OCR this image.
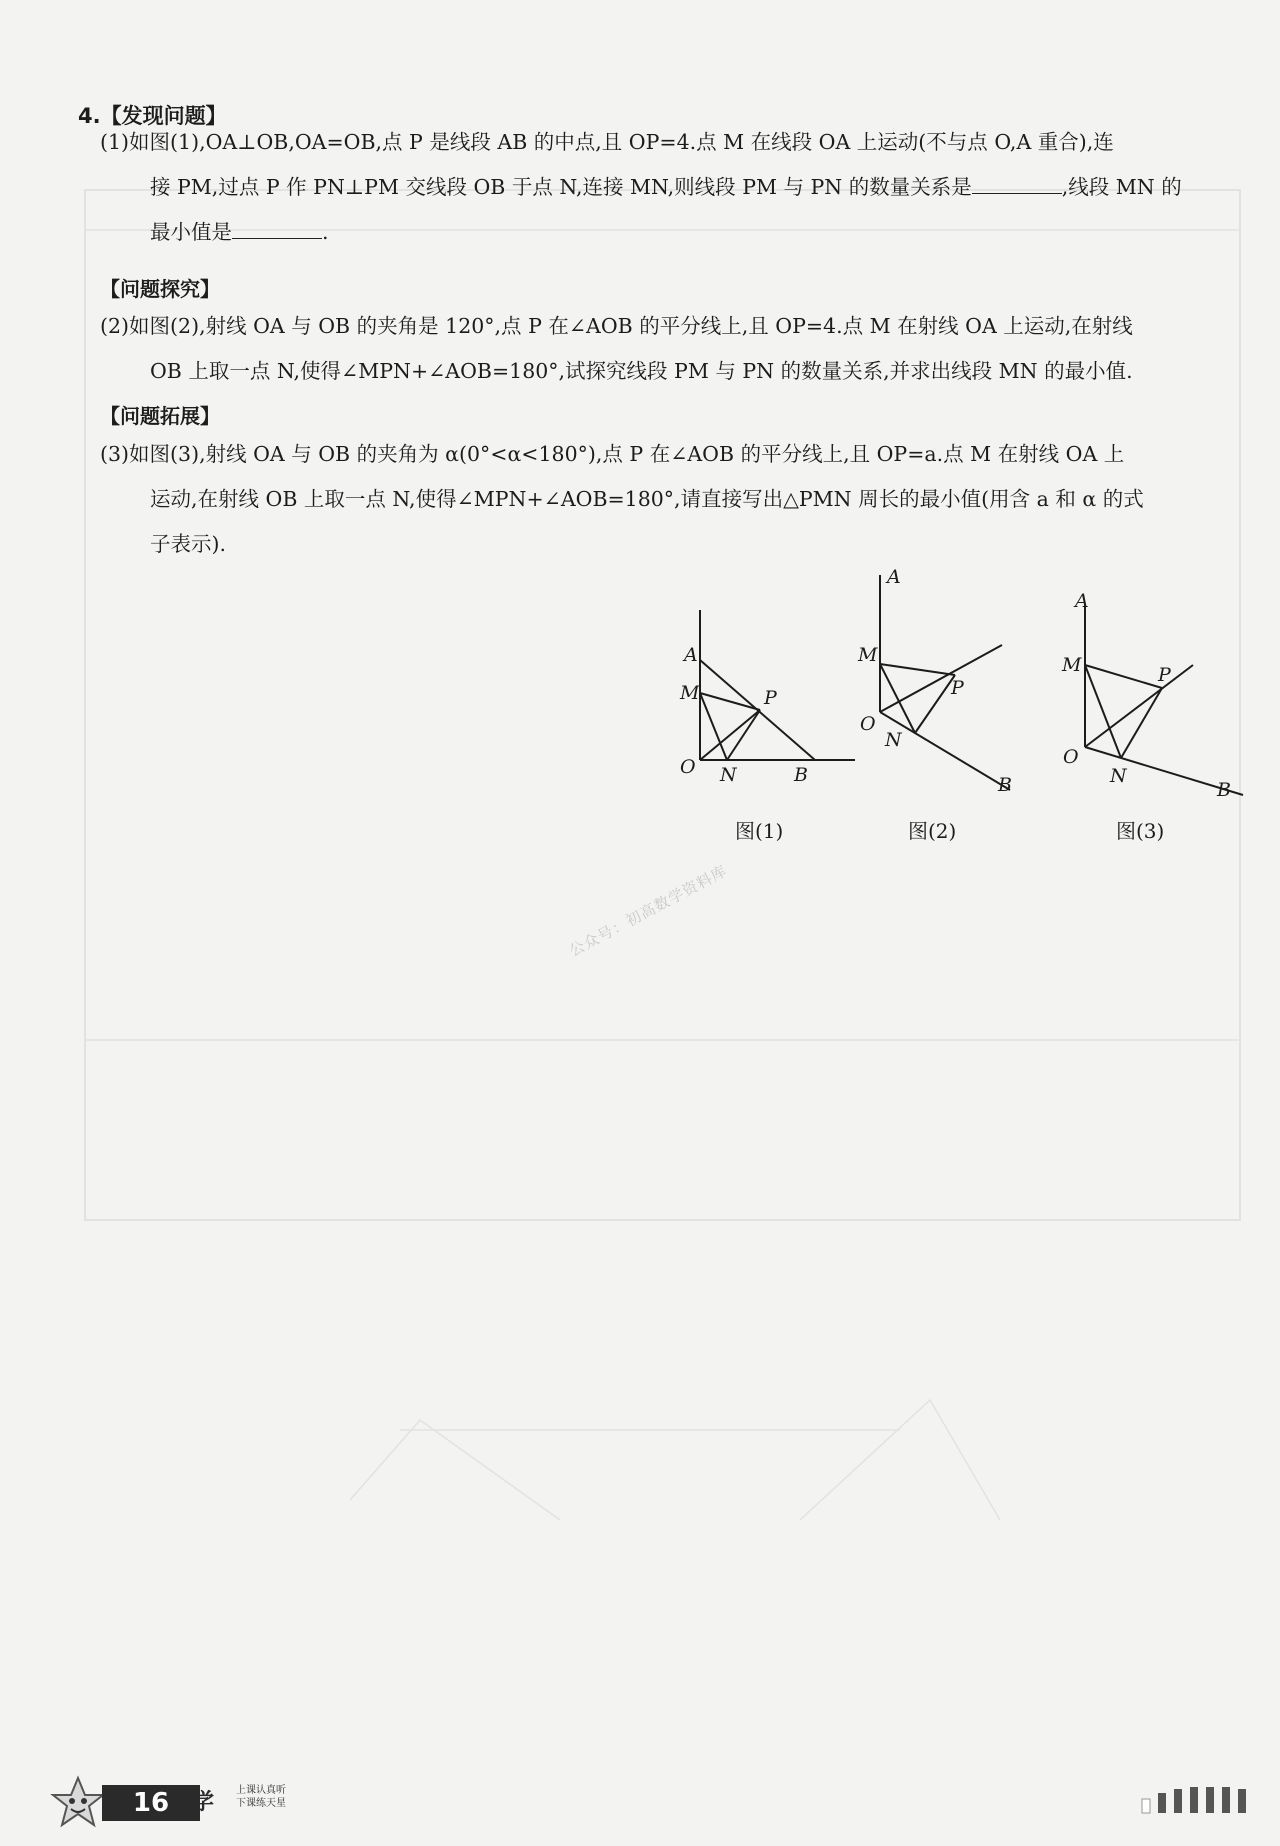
4.【发现问题】
(1)如图(1),OA⊥OB,OA=OB,点 P 是线段 AB 的中点,且 OP=4.点 M 在线段 OA 上运动(不与点 O,A 重合),连
接 PM,过点 P 作 PN⊥PM 交线段 OB 于点 N,连接 MN,则线段 PM 与 PN 的数量关系是	,线段 MN 的
最小值是	.
【问题探究】
(2)如图(2),射线 OA 与 OB 的夹角是 120°,点 P 在∠AOB 的平分线上,且 OP=4.点 M 在射线 OA 上运动,在射线
OB 上取一点 N,使得∠MPN+∠AOB=180°,试探究线段 PM 与 PN 的数量关系,并求出线段 MN 的最小值.
【问题拓展】
(3)如图(3),射线 OA 与 OB 的夹角为 α(0°<α<180°),点 P 在∠AOB 的平分线上,且 OP=a.点 M 在射线 OA 上
运动,在射线 OB 上取一点 N,使得∠MPN+∠AOB=180°,请直接写出△PMN 周长的最小值(用含 a 和 α 的式
子表示).
A
M	P
O N	B
图(1)
A
M
P
O
N
B
图(2)
A
M	P
O
N
B
图(3)
公众号：初高数学资料库
16 数学 上课认真听
下课练天星
